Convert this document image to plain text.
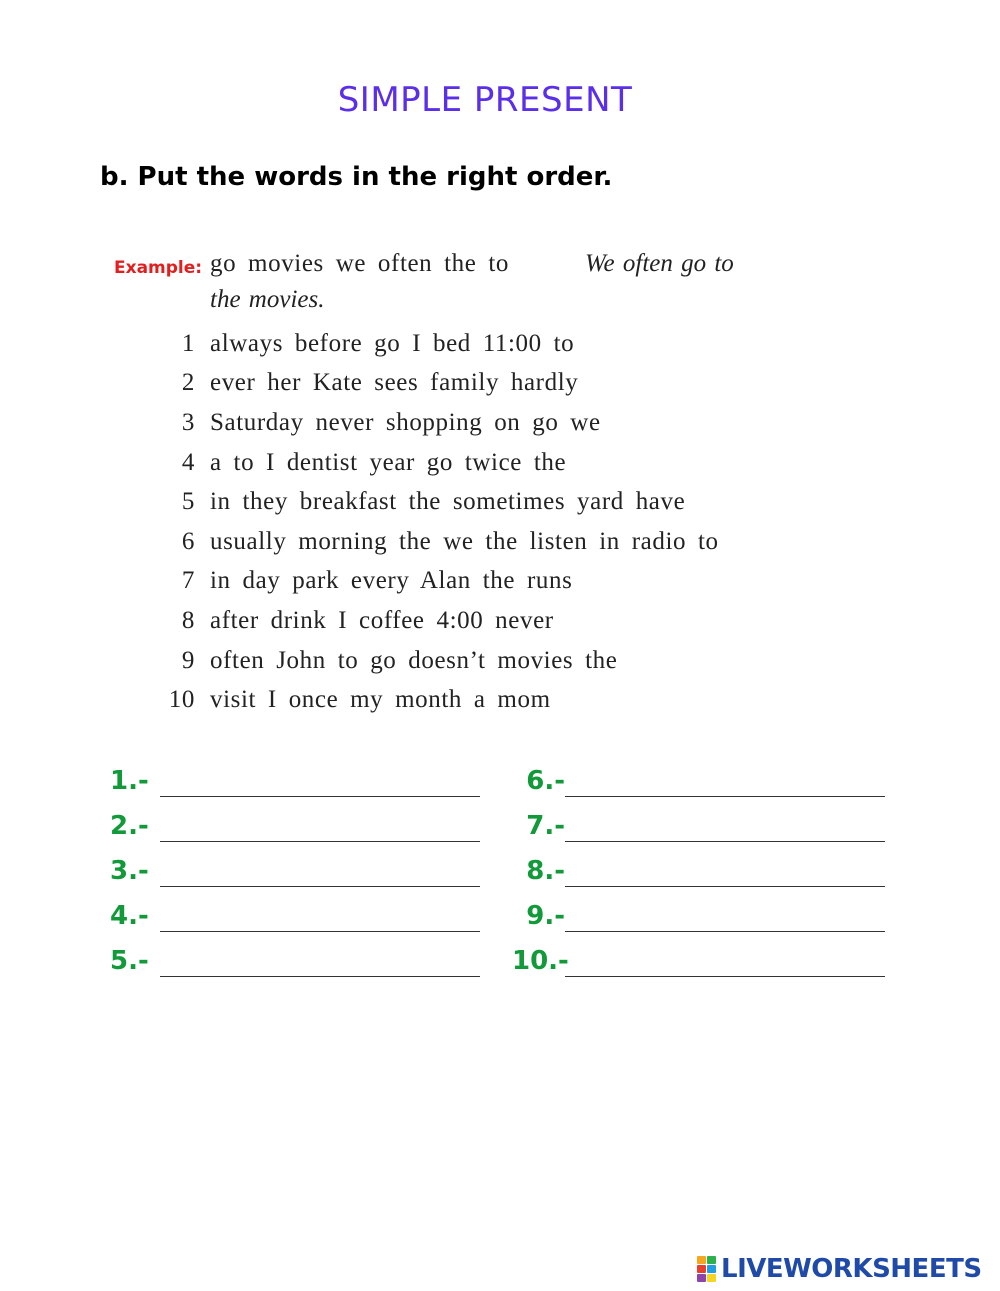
SIMPLE PRESENT
b. Put the words in the right order.
Example: go movies we often the to	We often go to
the movies.
1 always before go I bed 11:00 to
2 ever her Kate sees family hardly
3 Saturday never shopping on go we
4 a to I dentist year go twice the
5 in they breakfast the sometimes yard have
6 usually morning the we the listen in radio to
7 in day park every Alan the runs
8 after drink I coffee 4:00 never
9 often John to go doesn’t movies the
10 visit I once my month a mom
1.-
2.-
3.-
4.-
5.-
6.-
7.-
8.-
9.-
10.-
LIVEWORKSHEETS
